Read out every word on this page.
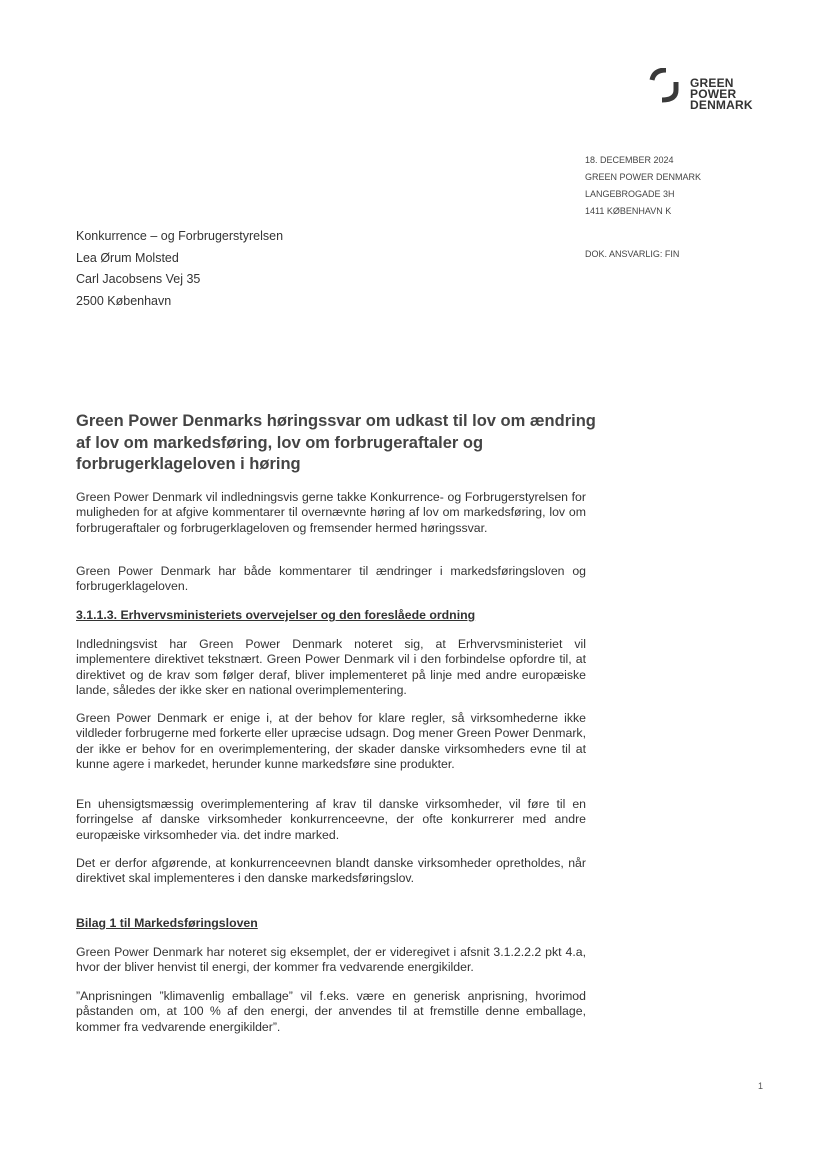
GREEN
POWER
DENMARK
18. DECEMBER 2024
GREEN POWER DENMARK
LANGEBROGADE 3H
1411 KØBENHAVN K
DOK. ANSVARLIG: FIN
Konkurrence – og Forbrugerstyrelsen
Lea Ørum Molsted
Carl Jacobsens Vej 35
2500 København
Green Power Denmarks høringssvar om udkast til lov om ændring af lov om markedsføring, lov om forbrugeraftaler og forbrugerklageloven i høring
Green Power Denmark vil indledningsvis gerne takke Konkurrence- og Forbrugerstyrelsen for muligheden for at afgive kommentarer til overnævnte høring af lov om markedsføring, lov om forbrugeraftaler og forbrugerklageloven og fremsender hermed høringssvar.
Green Power Denmark har både kommentarer til ændringer i markedsføringsloven og forbrugerklageloven.
3.1.1.3. Erhvervsministeriets overvejelser og den foreslåede ordning
Indledningsvist har Green Power Denmark noteret sig, at Erhvervsministeriet vil implementere direktivet tekstnært. Green Power Denmark vil i den forbindelse opfordre til, at direktivet og de krav som følger deraf, bliver implementeret på linje med andre europæiske lande, således der ikke sker en national overimplementering.
Green Power Denmark er enige i, at der behov for klare regler, så virksomhederne ikke vildleder forbrugerne med forkerte eller upræcise udsagn. Dog mener Green Power Denmark, der ikke er behov for en overimplementering, der skader danske virksomheders evne til at kunne agere i markedet, herunder kunne markedsføre sine produkter.
En uhensigtsmæssig overimplementering af krav til danske virksomheder, vil føre til en forringelse af danske virksomheder konkurrenceevne, der ofte konkurrerer med andre europæiske virksomheder via. det indre marked.
Det er derfor afgørende, at konkurrenceevnen blandt danske virksomheder opretholdes, når direktivet skal implementeres i den danske markedsføringslov.
Bilag 1 til Markedsføringsloven
Green Power Denmark har noteret sig eksemplet, der er videregivet i afsnit 3.1.2.2.2 pkt 4.a, hvor der bliver henvist til energi, der kommer fra vedvarende energikilder.
”Anprisningen ”klimavenlig emballage” vil f.eks. være en generisk anprisning, hvorimod påstanden om, at 100 % af den energi, der anvendes til at fremstille denne emballage, kommer fra vedvarende energikilder”.
1
